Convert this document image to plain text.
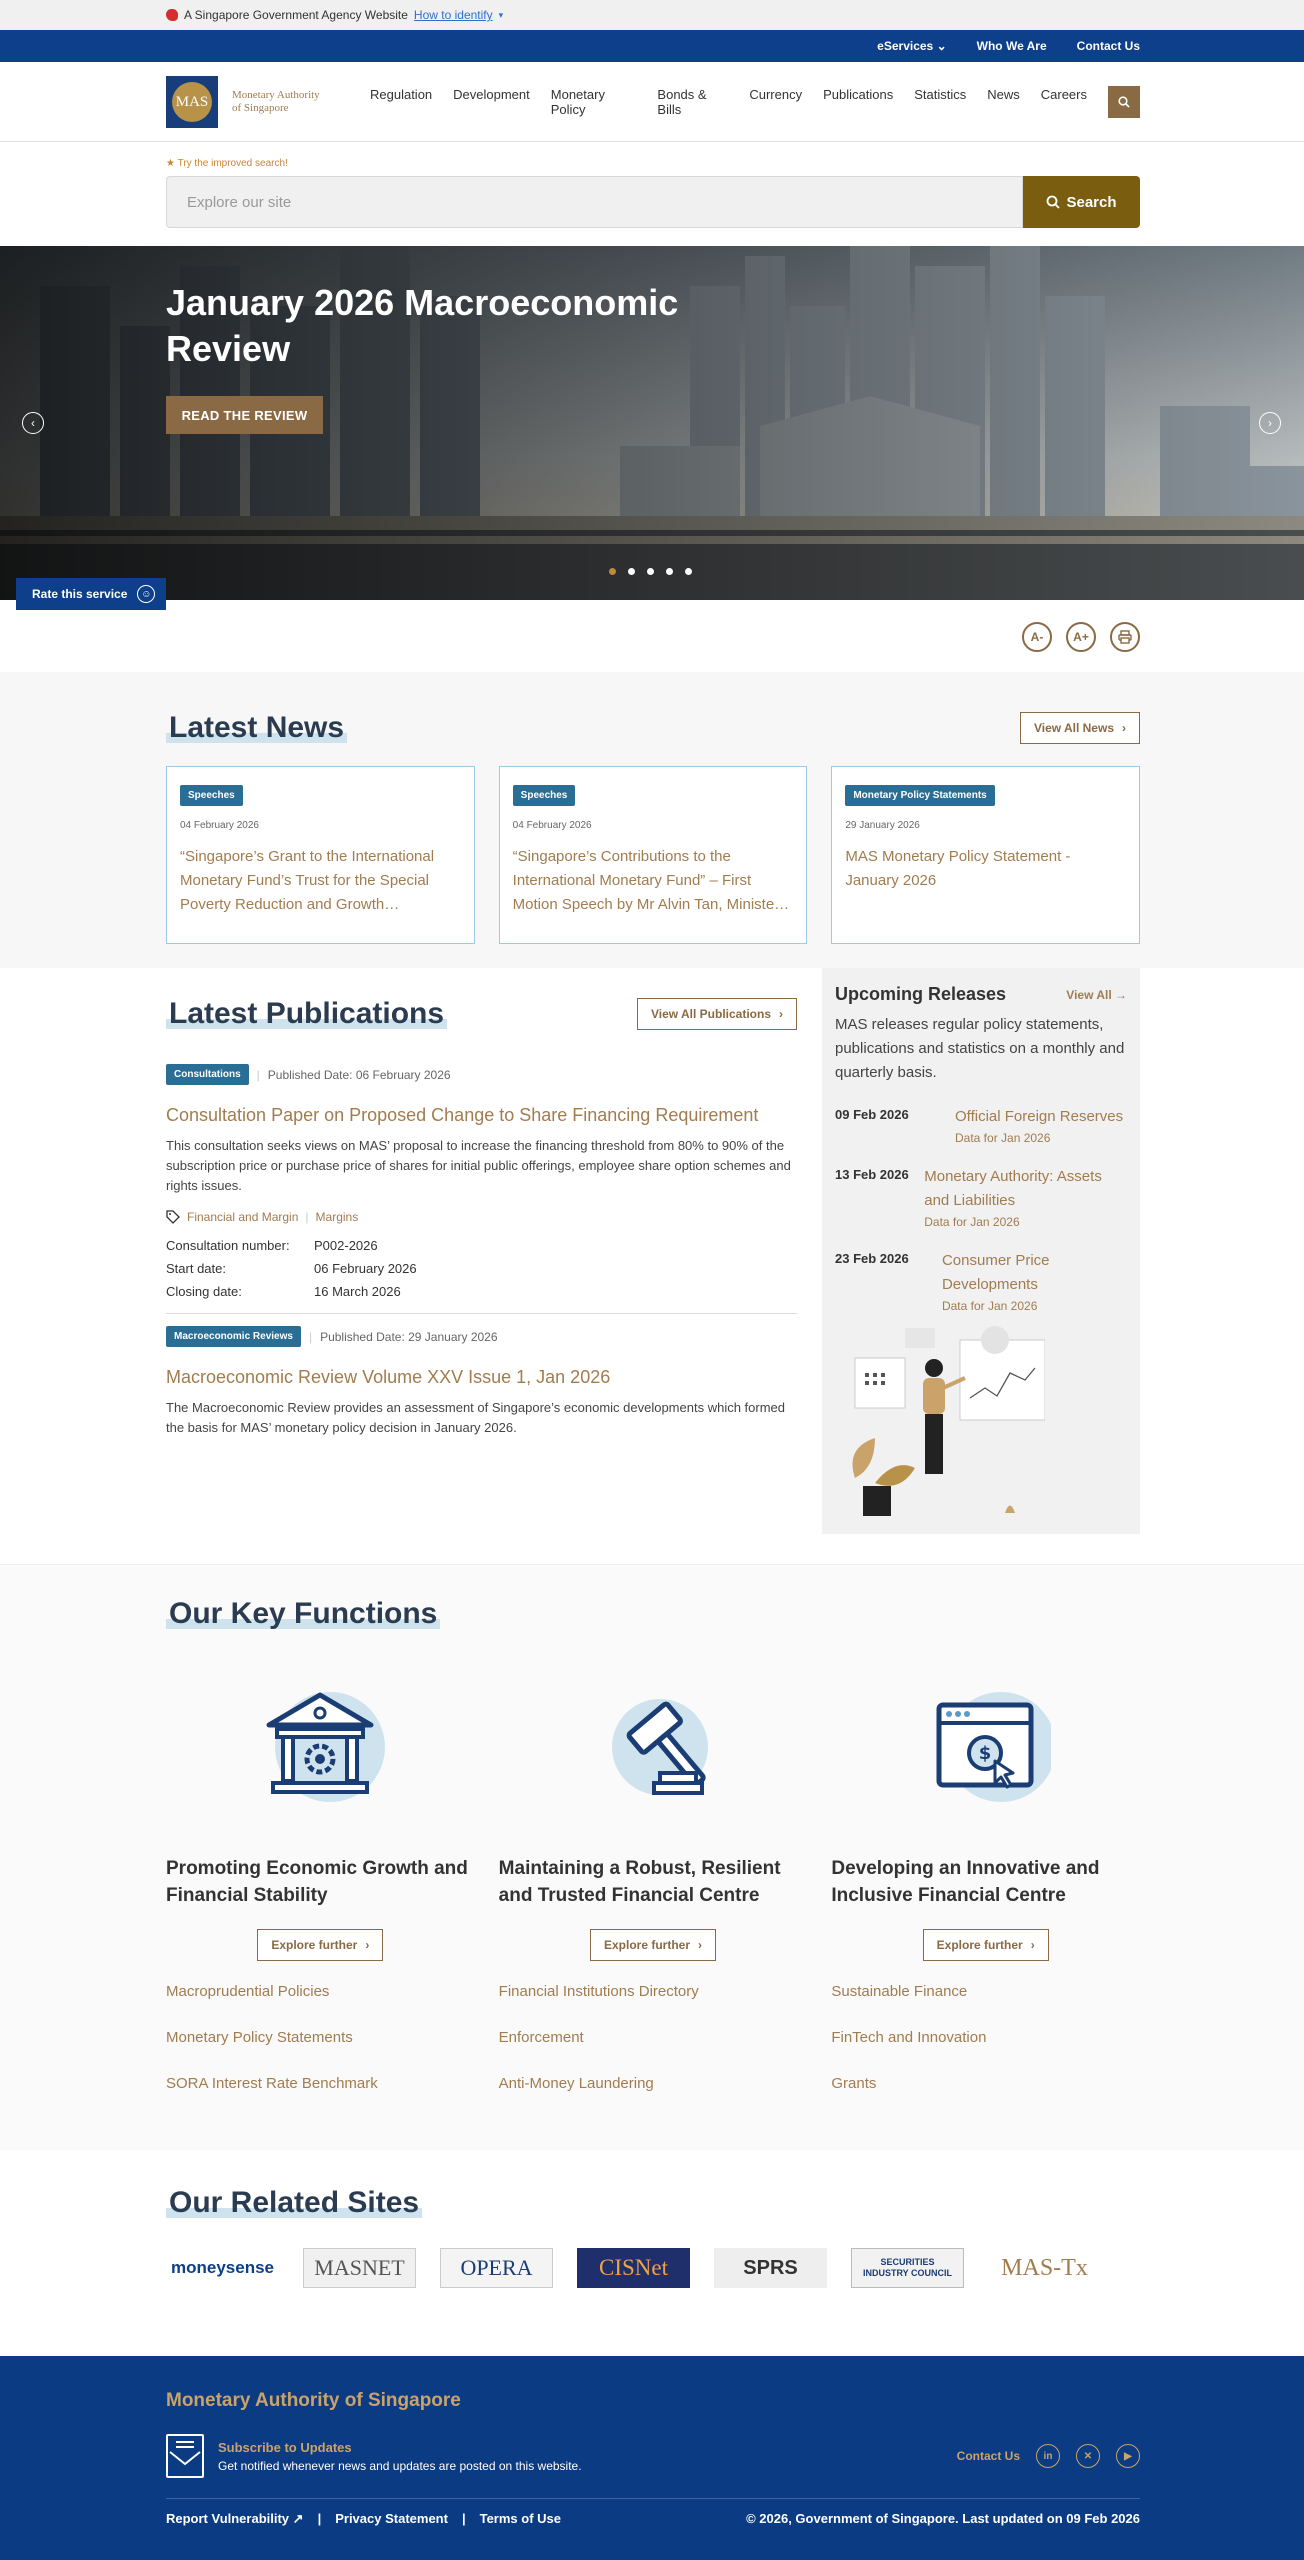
A Singapore Government Agency Website How to identify ▾
eServices ⌄	Who We Are	Contact Us
MAS	Monetary Authority
of Singapore
Regulation Development Monetary Policy
Bonds & Bills
Currency Publications Statistics News Careers
★ Try the improved search!
Explore our site	Search
January 2026 Macroeconomic Review
READ THE REVIEW
‹	›
Rate this service	☺
A-	A+
Latest News	View All News ›
Speeches
04 February 2026
“Singapore’s Grant to the International Monetary Fund’s Trust for the Special Poverty Reduction and Growth…
Speeches
04 February 2026
“Singapore’s Contributions to the International Monetary Fund” – First Motion Speech by Mr Alvin Tan, Ministe…
Monetary Policy Statements
29 January 2026
MAS Monetary Policy Statement - January 2026
Latest Publications	View All Publications ›
Consultations	| Published Date: 06 February 2026
Consultation Paper on Proposed Change to Share Financing Requirement
This consultation seeks views on MAS’ proposal to increase the financing threshold from 80% to 90% of the subscription price or purchase price of shares for initial public offerings, employee share option schemes and rights issues.
Financial and Margin | Margins
Consultation number:	P002-2026
Start date:	06 February 2026
Closing date:	16 March 2026
Macroeconomic Reviews	| Published Date: 29 January 2026
Macroeconomic Review Volume XXV Issue 1, Jan 2026
The Macroeconomic Review provides an assessment of Singapore’s economic developments which formed the basis for MAS’ monetary policy decision in January 2026.
Upcoming Releases	View All →
MAS releases regular policy statements, publications and statistics on a monthly and quarterly basis.
09 Feb 2026	Official Foreign Reserves
Data for Jan 2026
13 Feb 2026	Monetary Authority: Assets and Liabilities
Data for Jan 2026
23 Feb 2026	Consumer Price Developments
Data for Jan 2026
Our Key Functions
Promoting Economic Growth and Financial Stability
Explore further ›
Macroprudential Policies
Monetary Policy Statements
SORA Interest Rate Benchmark
Maintaining a Robust, Resilient and Trusted Financial Centre
Explore further ›
Financial Institutions Directory
Enforcement
Anti-Money Laundering
$
Developing an Innovative and Inclusive Financial Centre
Explore further ›
Sustainable Finance
FinTech and Innovation
Grants
Our Related Sites
moneysense	MASNET	OPERA	CISNet	SPRS	SECURITIES INDUSTRY COUNCIL	MAS-Tx
Monetary Authority of Singapore
Subscribe to Updates
Get notified whenever news and updates are posted on this website.
Contact Us	in	✕	▶
Report Vulnerability ↗ | Privacy Statement | Terms of Use	© 2026, Government of Singapore. Last updated on 09 Feb 2026
